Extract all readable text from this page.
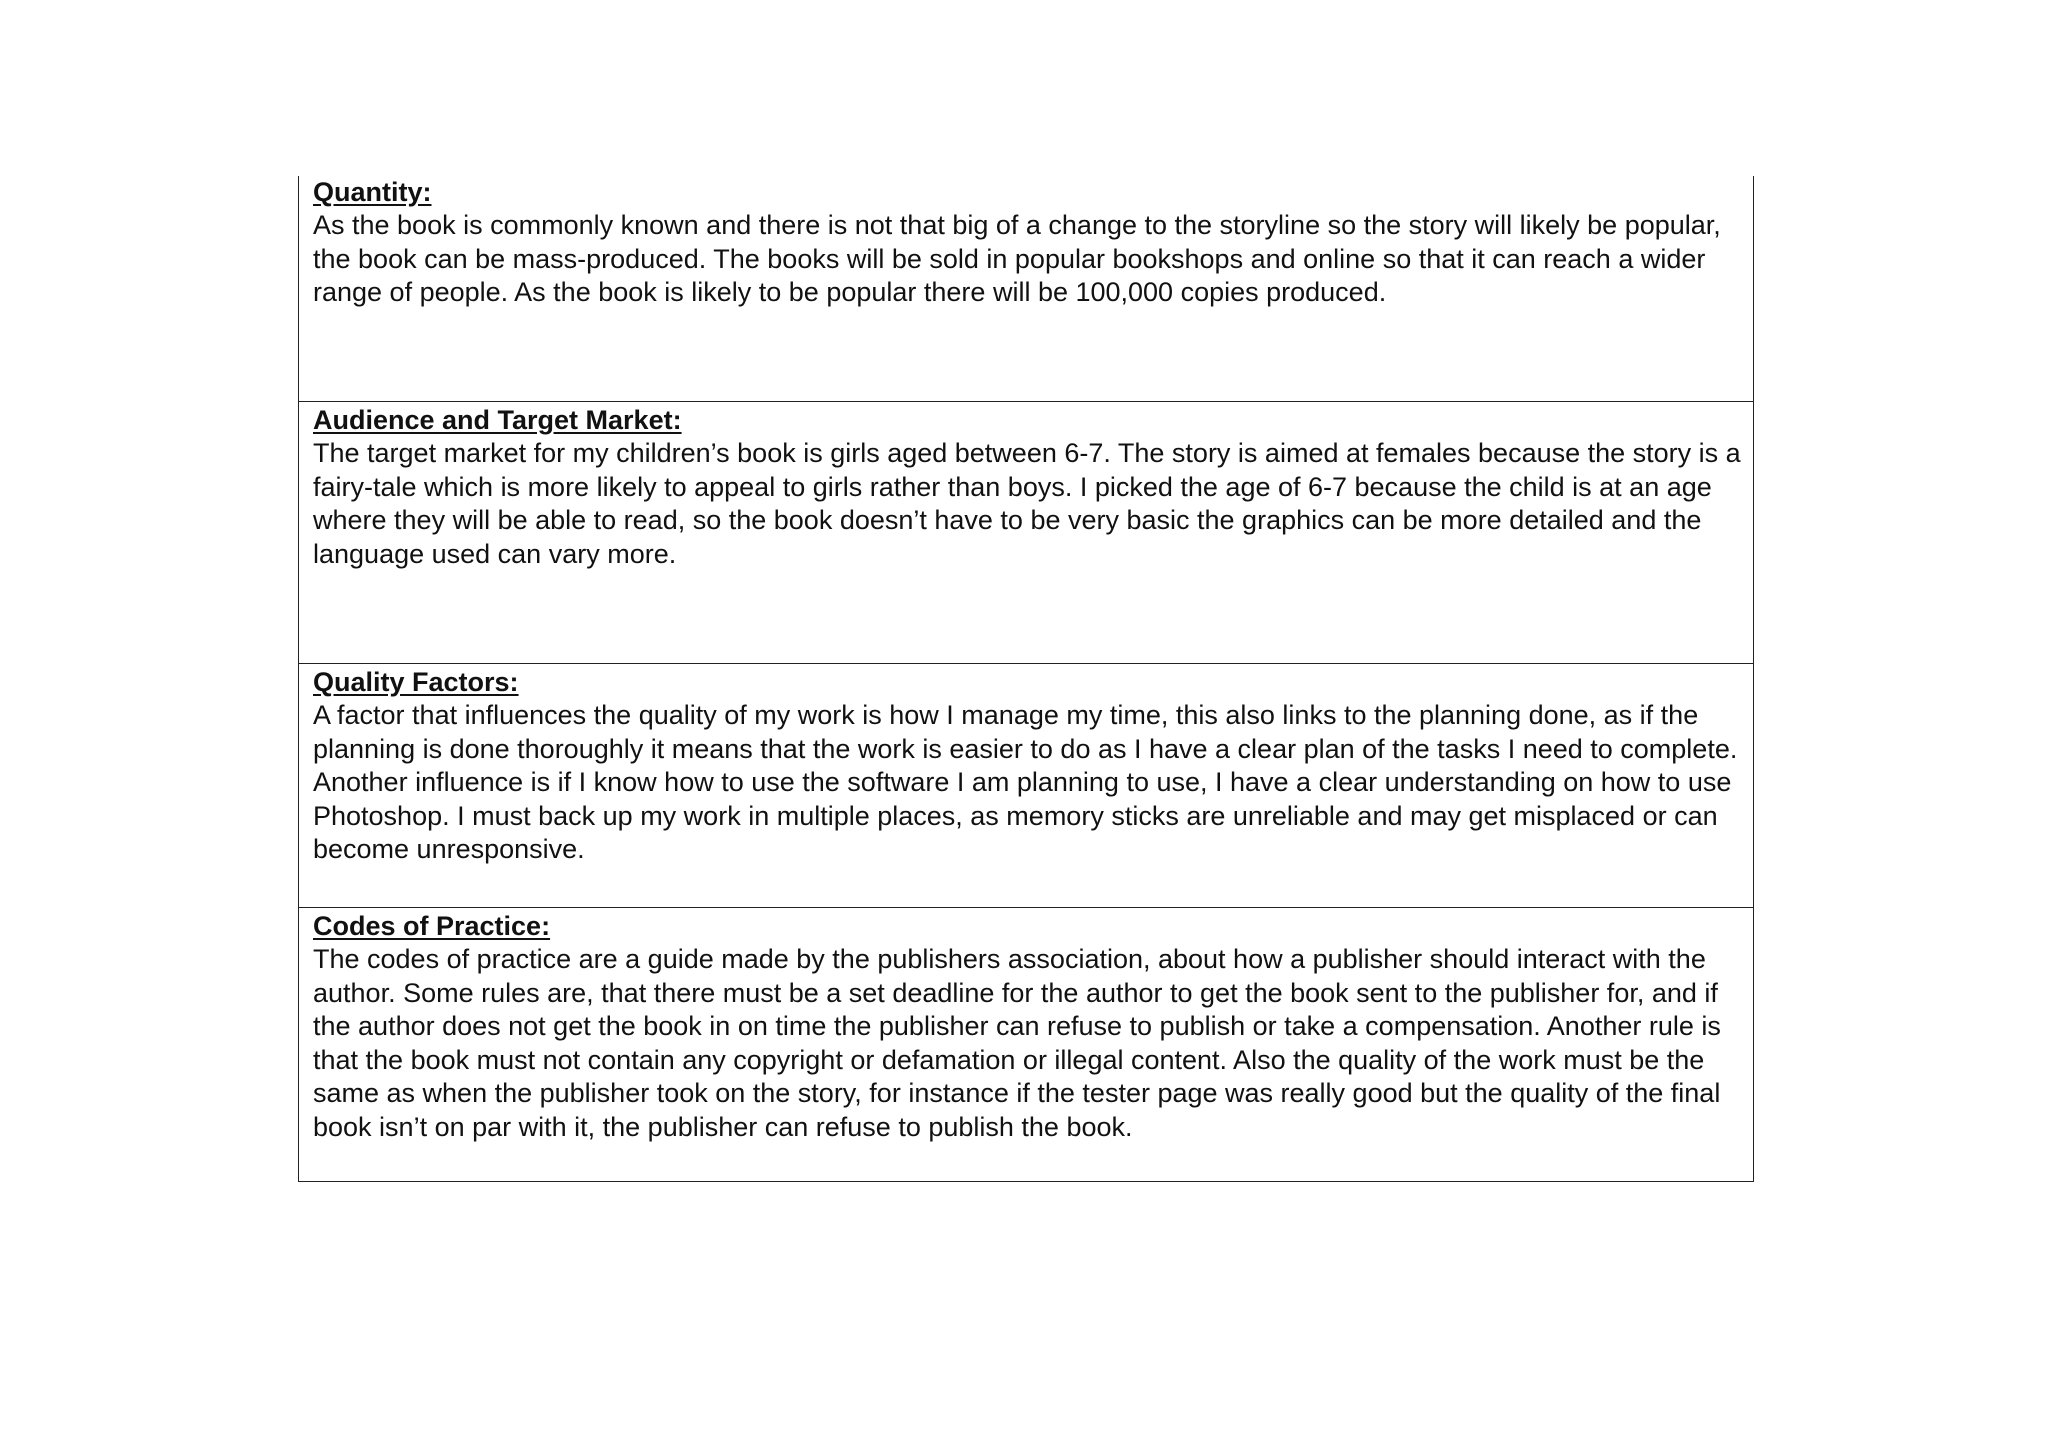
Quantity:

As the book is commonly known and there is not that big of a change to the storyline so the story will likely be popular, the book can be mass-produced. The books will be sold in popular bookshops and online so that it can reach a wider range of people. As the book is likely to be popular there will be 100,000 copies produced.

Audience and Target Market:

The target market for my children’s book is girls aged between 6-7. The story is aimed at females because the story is a fairy-tale which is more likely to appeal to girls rather than boys. I picked the age of 6-7 because the child is at an age where they will be able to read, so the book doesn’t have to be very basic the graphics can be more detailed and the language used can vary more.

Quality Factors:

A factor that influences the quality of my work is how I manage my time, this also links to the planning done, as if the planning is done thoroughly it means that the work is easier to do as I have a clear plan of the tasks I need to complete. Another influence is if I know how to use the software I am planning to use, I have a clear understanding on how to use Photoshop. I must back up my work in multiple places, as memory sticks are unreliable and may get misplaced or can become unresponsive.

Codes of Practice:

The codes of practice are a guide made by the publishers association, about how a publisher should interact with the author. Some rules are, that there must be a set deadline for the author to get the book sent to the publisher for, and if the author does not get the book in on time the publisher can refuse to publish or take a compensation. Another rule is that the book must not contain any copyright or defamation or illegal content. Also the quality of the work must be the same as when the publisher took on the story, for instance if the tester page was really good but the quality of the final book isn’t on par with it, the publisher can refuse to publish the book.
